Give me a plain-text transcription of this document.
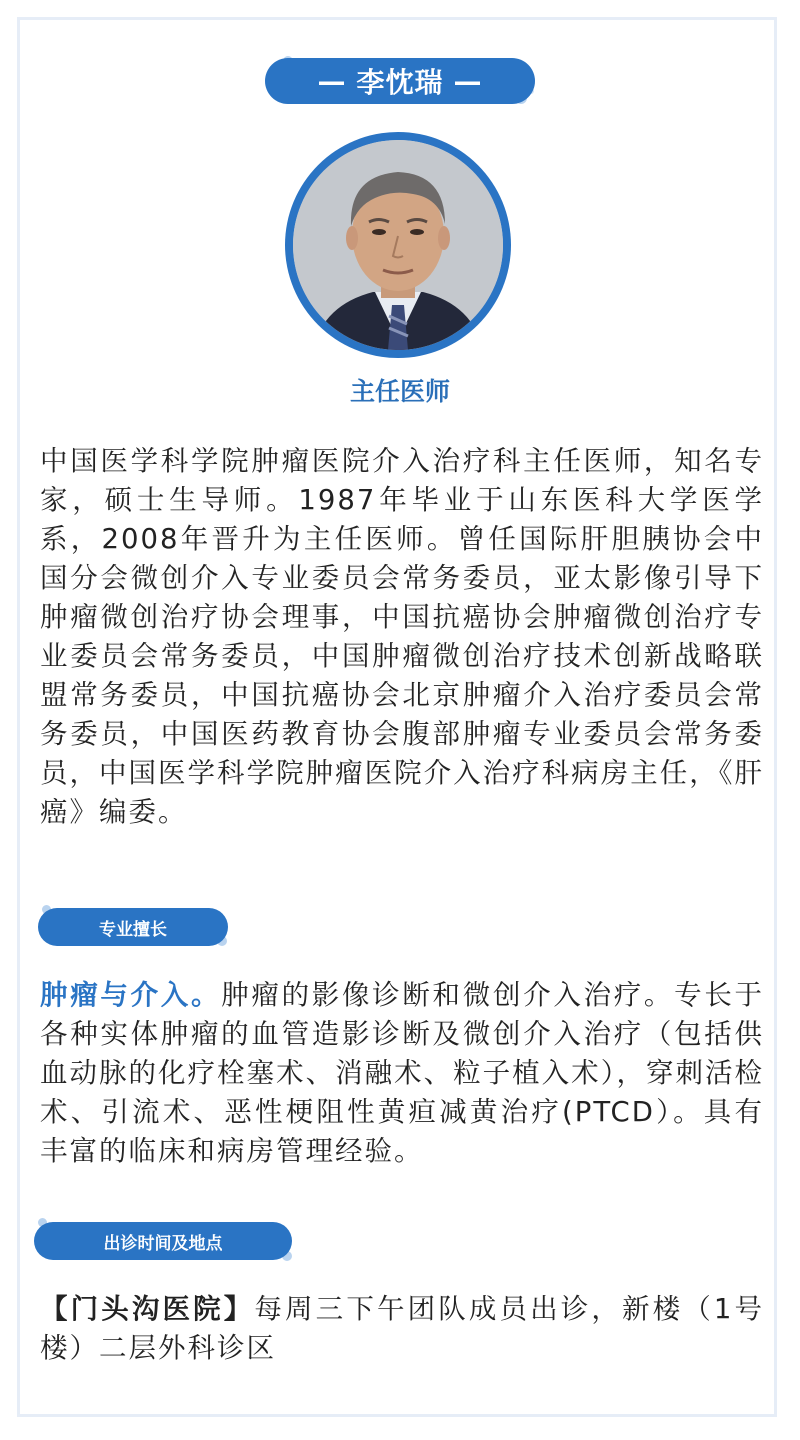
— 李忱瑞 —
主任医师

中国医学科学院肿瘤医院介入治疗科主任医师，知名专家，硕士生导师。1987年毕业于山东医科大学医学系，2008年晋升为主任医师。曾任国际肝胆胰协会中国分会微创介入专业委员会常务委员，亚太影像引导下肿瘤微创治疗协会理事，中国抗癌协会肿瘤微创治疗专业委员会常务委员，中国肿瘤微创治疗技术创新战略联盟常务委员，中国抗癌协会北京肿瘤介入治疗委员会常务委员，中国医药教育协会腹部肿瘤专业委员会常务委员，中国医学科学院肿瘤医院介入治疗科病房主任，《肝癌》编委。

专业擅长

肿瘤与介入。肿瘤的影像诊断和微创介入治疗。专长于各种实体肿瘤的血管造影诊断及微创介入治疗（包括供血动脉的化疗栓塞术、消融术、粒子植入术），穿刺活检术、引流术、恶性梗阻性黄疸减黄治疗(PTCD）。具有丰富的临床和病房管理经验。

出诊时间及地点

【门头沟医院】每周三下午团队成员出诊，新楼（1号楼）二层外科诊区
